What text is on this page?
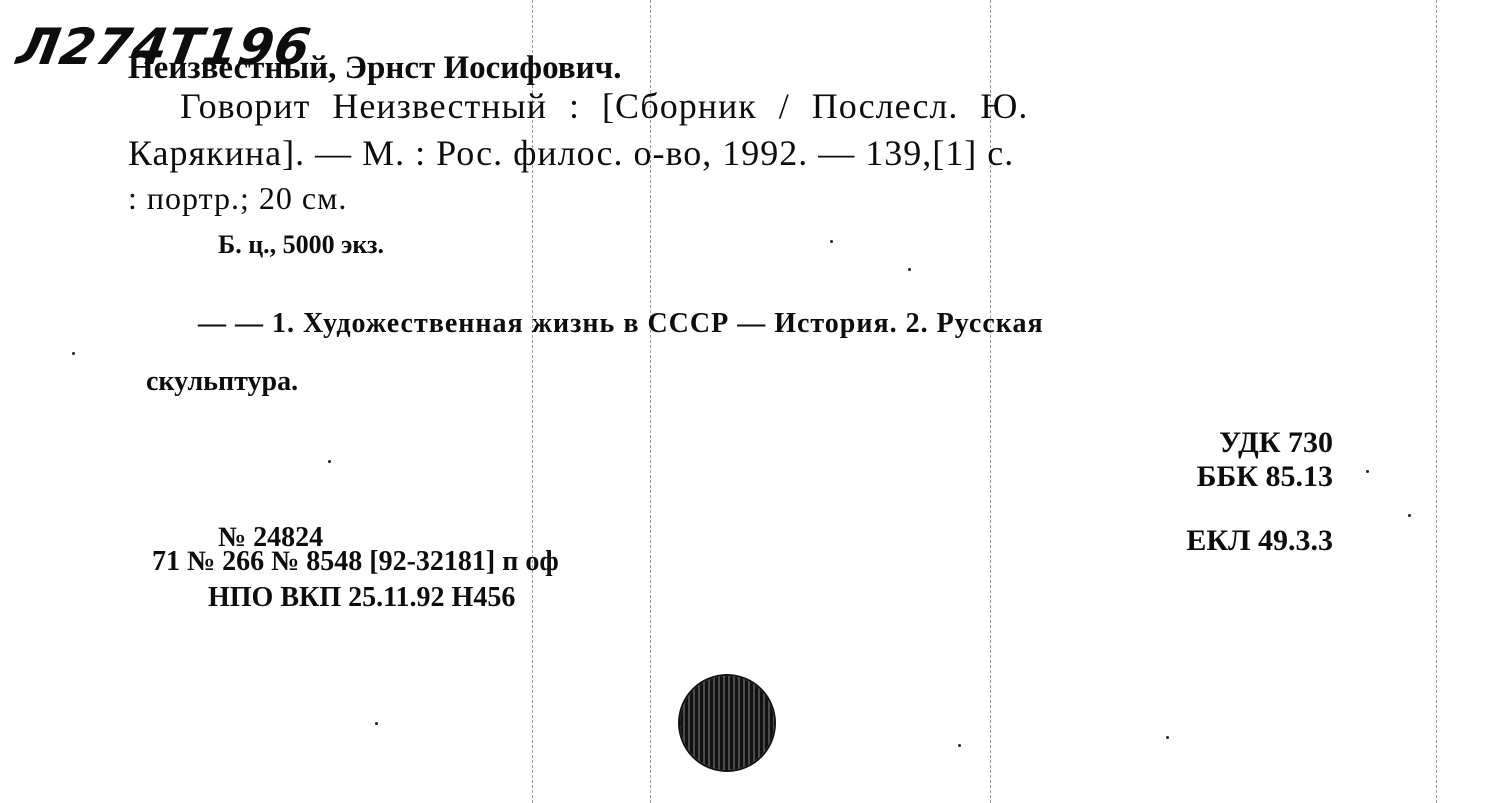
Л274Т196
Неизвестный, Эрнст Иосифович.
Говорит Неизвестный : [Сборник / Послесл. Ю.
Карякина]. — М. : Рос. филос. о-во, 1992. — 139,[1] с.
: портр.; 20 см.
Б. ц., 5000 экз.
— — 1. Художественная жизнь в СССР — История. 2. Русская
скульптура.
УДК 730
ББК 85.13
ЕКЛ 49.3.3
№ 24824
71 № 266 № 8548 [92-32181] п оф
НПО ВКП 25.11.92 Н456
